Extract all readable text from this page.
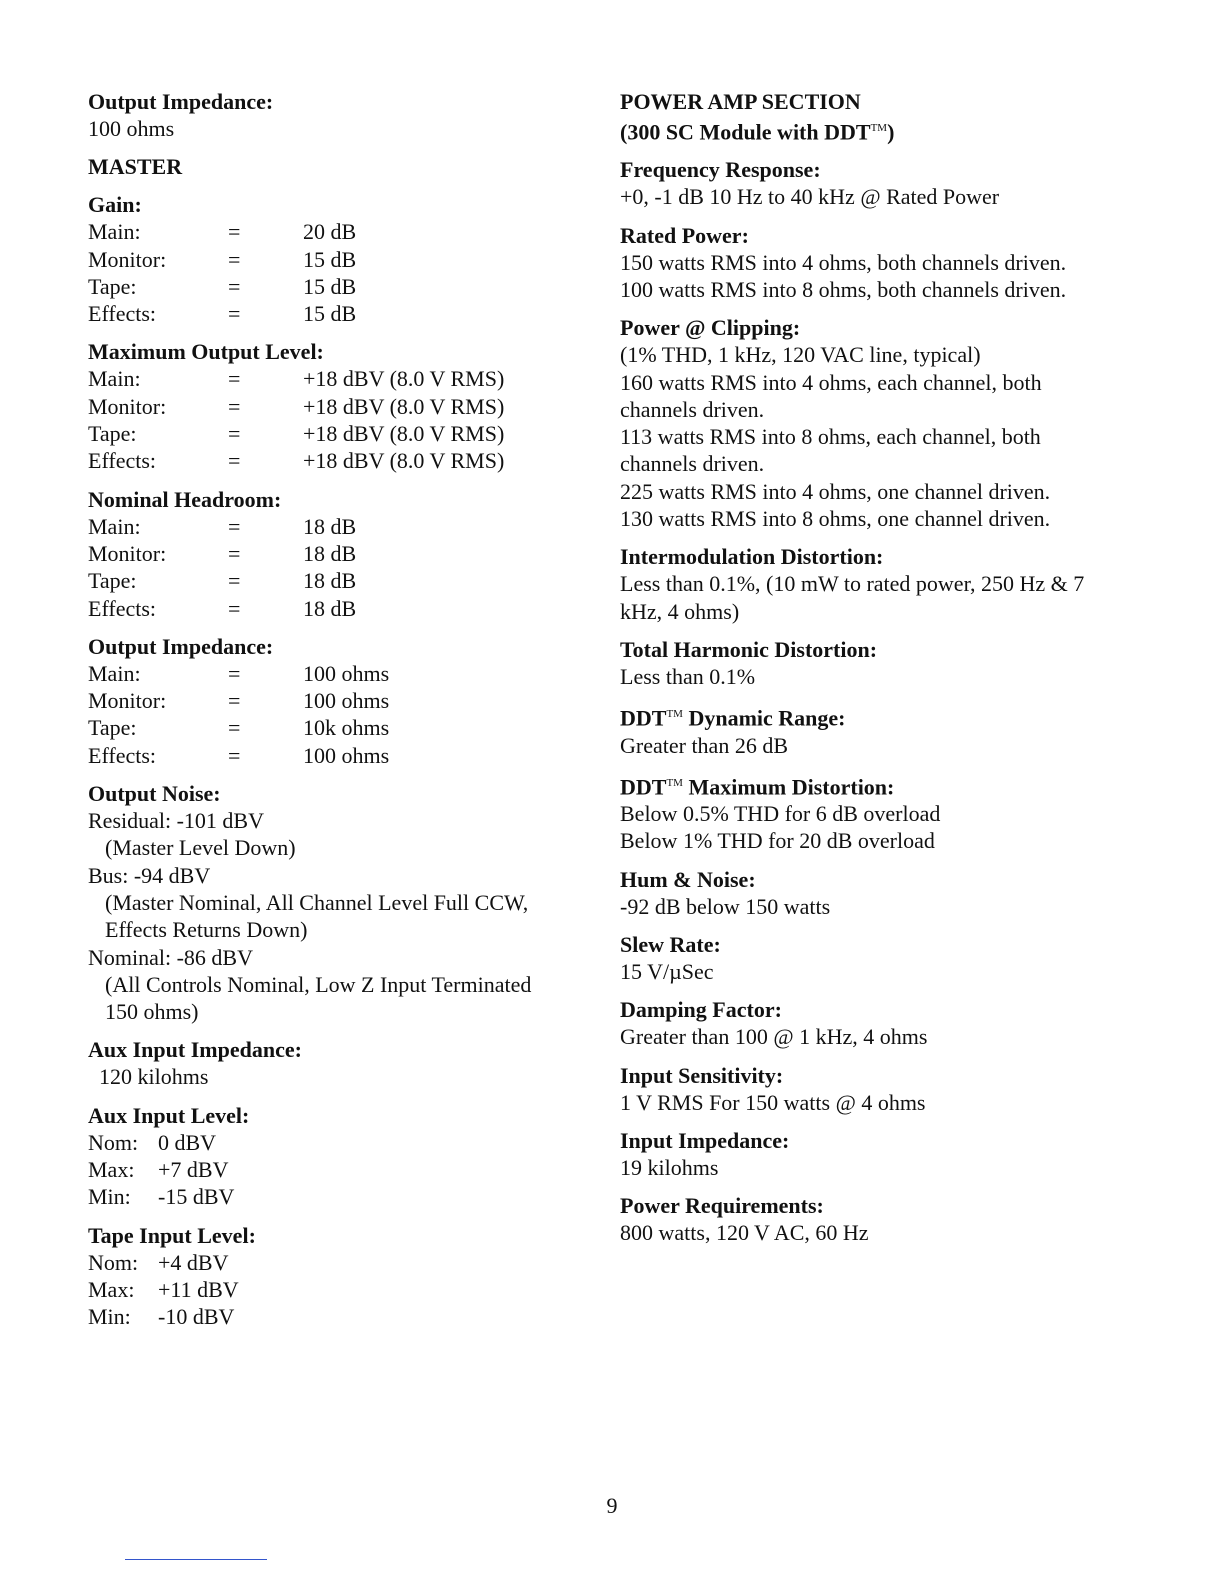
Output Impedance:
100 ohms
MASTER
Gain:
Main:	=	20 dB
Monitor:	=	15 dB
Tape:	=	15 dB
Effects:	=	15 dB
Maximum Output Level:
Main:	=	+18 dBV (8.0 V RMS)
Monitor:	=	+18 dBV (8.0 V RMS)
Tape:	=	+18 dBV (8.0 V RMS)
Effects:	=	+18 dBV (8.0 V RMS)
Nominal Headroom:
Main:	=	18 dB
Monitor:	=	18 dB
Tape:	=	18 dB
Effects:	=	18 dB
Output Impedance:
Main:	=	100 ohms
Monitor:	=	100 ohms
Tape:	=	10k ohms
Effects:	=	100 ohms
Output Noise:
Residual: -101 dBV
(Master Level Down)
Bus: -94 dBV
(Master Nominal, All Channel Level Full CCW,
Effects Returns Down)
Nominal: -86 dBV
(All Controls Nominal, Low Z Input Terminated
150 ohms)
Aux Input Impedance:
120 kilohms
Aux Input Level:
Nom: 0 dBV
Max:	+7 dBV
Min:	-15 dBV
Tape Input Level:
Nom: +4 dBV
Max:	+11 dBV
Min:	-10 dBV
POWER AMP SECTION
(300 SC Module with DDT™)
Frequency Response:
+0, -1 dB 10 Hz to 40 kHz @ Rated Power
Rated Power:
150 watts RMS into 4 ohms, both channels driven.
100 watts RMS into 8 ohms, both channels driven.
Power @ Clipping:
(1% THD, 1 kHz, 120 VAC line, typical)
160 watts RMS into 4 ohms, each channel, both
channels driven.
113 watts RMS into 8 ohms, each channel, both
channels driven.
225 watts RMS into 4 ohms, one channel driven.
130 watts RMS into 8 ohms, one channel driven.
Intermodulation Distortion:
Less than 0.1%, (10 mW to rated power, 250 Hz & 7
kHz, 4 ohms)
Total Harmonic Distortion:
Less than 0.1%
DDT™ Dynamic Range:
Greater than 26 dB
DDT™ Maximum Distortion:
Below 0.5% THD for 6 dB overload
Below 1% THD for 20 dB overload
Hum & Noise:
-92 dB below 150 watts
Slew Rate:
15 V/µSec
Damping Factor:
Greater than 100 @ 1 kHz, 4 ohms
Input Sensitivity:
1 V RMS For 150 watts @ 4 ohms
Input Impedance:
19 kilohms
Power Requirements:
800 watts, 120 V AC, 60 Hz
9
